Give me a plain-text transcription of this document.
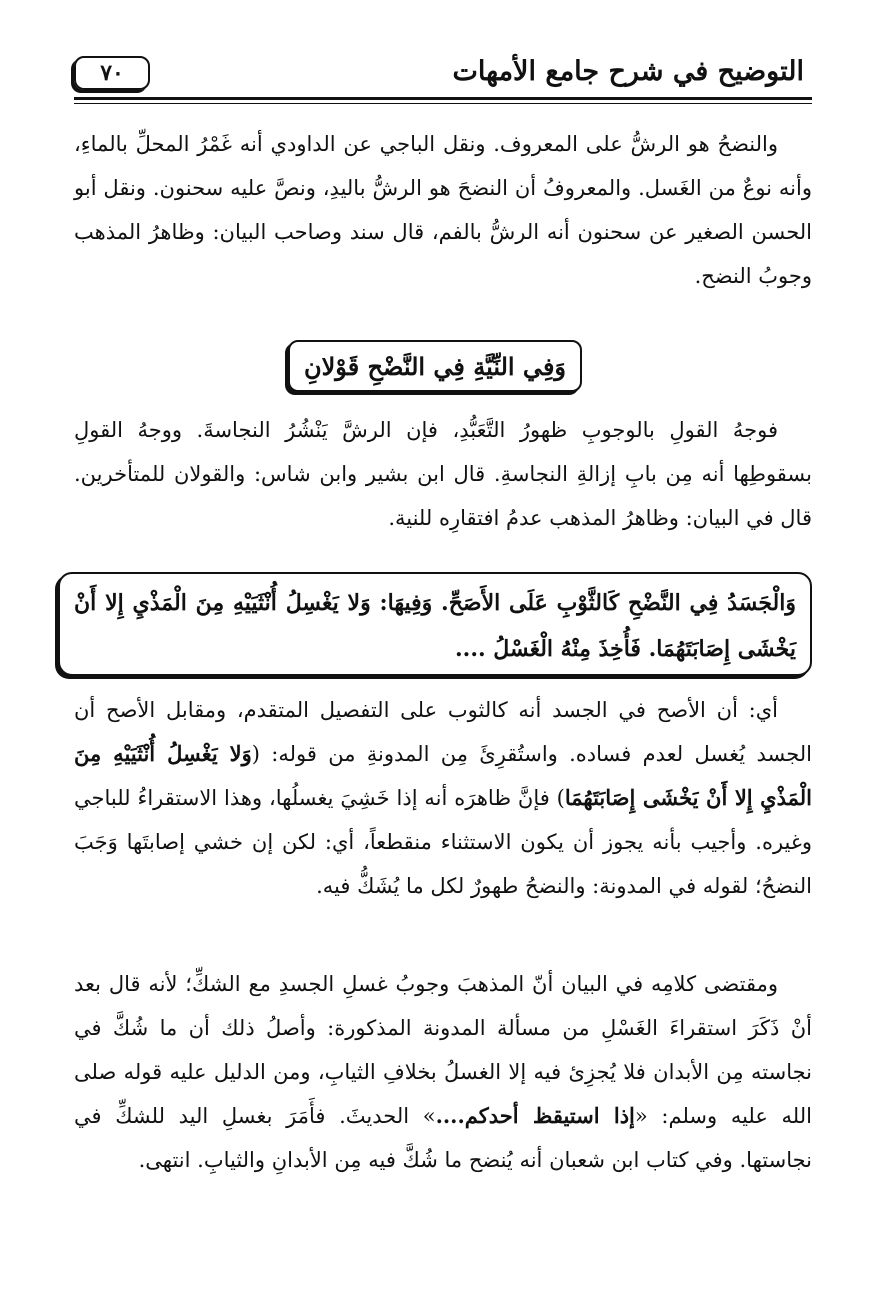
التوضيح في شرح جامع الأمهات
٧٠
والنضحُ هو الرشُّ على المعروف. ونقل الباجي عن الداودي أنه غَمْرُ المحلِّ بالماءِ، وأنه نوعٌ من الغَسل. والمعروفُ أن النضحَ هو الرشُّ باليدِ، ونصَّ عليه سحنون. ونقل أبو الحسن الصغير عن سحنون أنه الرشُّ بالفم، قال سند وصاحب البيان: وظاهرُ المذهب وجوبُ النضح.
وَفِي النِّيَّةِ فِي النَّضْحِ قَوْلانِ
فوجهُ القولِ بالوجوبِ ظهورُ التَّعَبُّدِ، فإن الرشَّ يَنْشُرُ النجاسةَ. ووجهُ القولِ بسقوطِها أنه مِن بابِ إزالةِ النجاسةِ. قال ابن بشير وابن شاس: والقولان للمتأخرين. قال في البيان: وظاهرُ المذهب عدمُ افتقارِه للنية.
وَالْجَسَدُ فِي النَّضْحِ كَالثَّوْبِ عَلَى الأَصَحِّ. وَفِيهَا: وَلا يَغْسِلُ أُنْثَيَيْهِ مِنَ الْمَذْيِ إِلا أَنْ يَخْشَى إِصَابَتَهُمَا. فَأُخِذَ مِنْهُ الْغَسْلُ ....
أي: أن الأصح في الجسد أنه كالثوب على التفصيل المتقدم، ومقابل الأصح أن الجسد يُغسل لعدم فساده. واستُقرِئَ مِن المدونةِ من قوله: (وَلا يَغْسِلُ أُنْثَيَيْهِ مِنَ الْمَذْيِ إِلا أَنْ يَخْشَى إِصَابَتَهُمَا) فإنَّ ظاهرَه أنه إذا خَشِيَ يغسلُها، وهذا الاستقراءُ للباجي وغيره. وأجيب بأنه يجوز أن يكون الاستثناء منقطعاً، أي: لكن إن خشي إصابتَها وَجَبَ النضحُ؛ لقوله في المدونة: والنضحُ طهورٌ لكل ما يُشَكُّ فيه.
ومقتضى كلامِه في البيان أنّ المذهبَ وجوبُ غسلِ الجسدِ مع الشكِّ؛ لأنه قال بعد أنْ ذَكَرَ استقراءَ الغَسْلِ من مسألة المدونة المذكورة: وأصلُ ذلك أن ما شُكَّ في نجاسته مِن الأبدان فلا يُجزِئ فيه إلا الغسلُ بخلافِ الثيابِ، ومن الدليل عليه قوله صلى الله عليه وسلم: «إذا استيقظ أحدكم....» الحديثَ. فأَمَرَ بغسلِ اليد للشكِّ في نجاستها. وفي كتاب ابن شعبان أنه يُنضح ما شُكَّ فيه مِن الأبدانِ والثيابِ. انتهى.
